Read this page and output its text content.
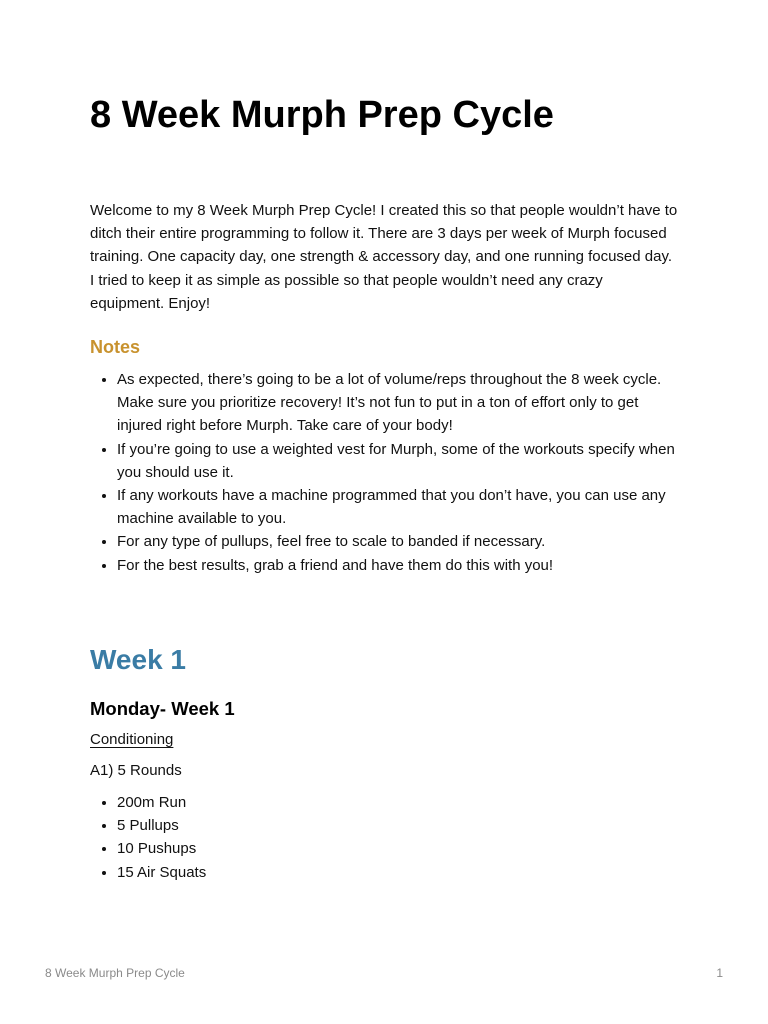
8 Week Murph Prep Cycle

Welcome to my 8 Week Murph Prep Cycle! I created this so that people wouldn’t have to ditch their entire programming to follow it. There are 3 days per week of Murph focused training. One capacity day, one strength & accessory day, and one running focused day. I tried to keep it as simple as possible so that people wouldn’t need any crazy equipment. Enjoy!

Notes
• As expected, there’s going to be a lot of volume/reps throughout the 8 week cycle. Make sure you prioritize recovery! It’s not fun to put in a ton of effort only to get injured right before Murph. Take care of your body!
• If you’re going to use a weighted vest for Murph, some of the workouts specify when you should use it.
• If any workouts have a machine programmed that you don’t have, you can use any machine available to you.
• For any type of pullups, feel free to scale to banded if necessary.
• For the best results, grab a friend and have them do this with you!
Week 1
Monday- Week 1

Conditioning

A1) 5 Rounds

• 200m Run
• 5 Pullups
• 10 Pushups
• 15 Air Squats
8 Week Murph Prep Cycle	1
